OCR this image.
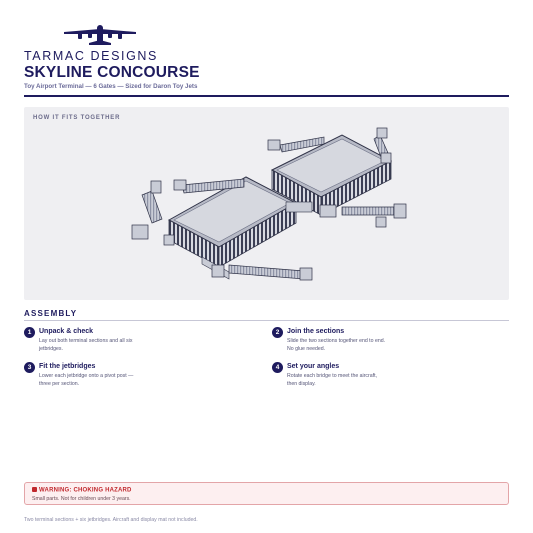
TARMAC DESIGNS
SKYLINE CONCOURSE
Toy Airport Terminal — 6 Gates — Sized for Daron Toy Jets
HOW IT FITS TOGETHER
ASSEMBLY
1	Unpack & check
Lay out both terminal sections and all six jetbridges.
2	Join the sections
Slide the two sections together end to end. No glue needed.
3	Fit the jetbridges
Lower each jetbridge onto a pivot post — three per section.
4	Set your angles
Rotate each bridge to meet the aircraft, then display.
WARNING: CHOKING HAZARD
Small parts. Not for children under 3 years.
Two terminal sections + six jetbridges. Aircraft and display mat not included.
